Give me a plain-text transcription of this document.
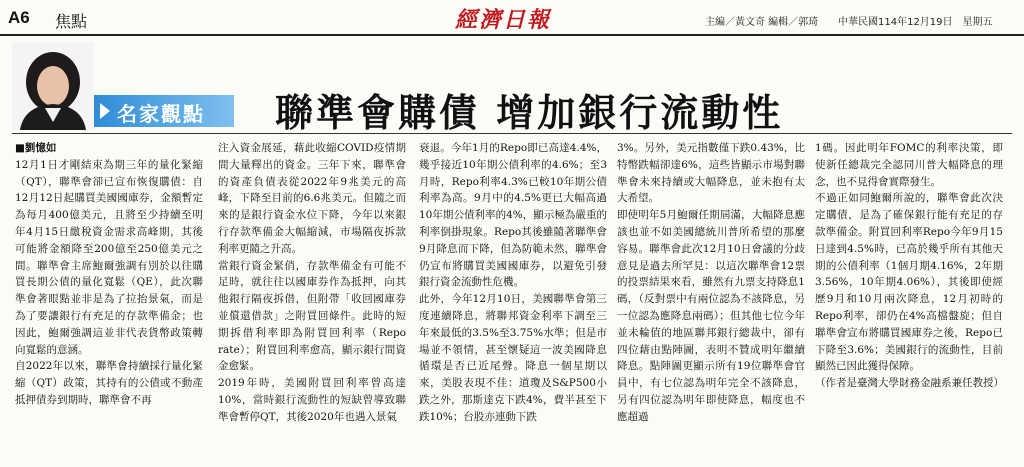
A6 焦點	經濟日報	主編／黃文奇 編輯／郭琦 中華民國114年12月19日　星期五
名家觀點 聯準會購債 增加銀行流動性

■劉憶如

12月1日才剛結束為期三年的量化緊縮（QT），聯準會卻已宣布恢復購債：自12月12日起購買美國國庫券，金額暫定為每月400億美元，且將至少持續至明年4月15日繳稅資金需求高峰期，其後可能將金額降至200億至250億美元之間。聯準會主席鮑爾強調有別於以往購買長期公債的量化寬鬆（QE），此次聯準會著眼點並非是為了拉抬景氣，而是為了要讓銀行有充足的存款準備金；也因此，鮑爾強調這並非代表貨幣政策轉向寬鬆的意涵。

自2022年以來，聯準會持續採行量化緊縮（QT）政策，其持有的公債或不動產抵押債券到期時，聯準會不再

注入資金展延，藉此收縮COVID疫情期間大量釋出的資金。三年下來，聯準會的資產負債表從2022年9兆美元的高峰，下降至目前的6.6兆美元。但隨之而來的是銀行資金水位下降，今年以來銀行存款準備金大幅縮減，市場隔夜拆款利率更隨之升高。

當銀行資金緊俏，存款準備金有可能不足時，就往往以國庫券作為抵押，向其他銀行隔夜拆借，但附帶「收回國庫券並償還借款」之附買回條件。此時的短期拆借利率即為附買回利率（Repo rate）；附買回利率愈高，顯示銀行間資金愈緊。

2019年時，美國附買回利率曾高達10%，當時銀行流動性的短缺曾導致聯準會暫停QT，其後2020年也遇入景氣

衰退。今年1月的Repo即已高達4.4%，幾乎接近10年期公債利率的4.6%；至3月時，Repo利率4.3%已較10年期公債利率為高。9月中的4.5%更已大幅高過10年期公債利率的4%，顯示極為嚴重的利率倒掛現象。Repo其後雖隨著聯準會9月降息而下降，但為防範未然，聯準會仍宣布將購買美國國庫券，以避免引發銀行資金流動性危機。

此外，今年12月10日，美國聯準會第三度連續降息，將聯邦資金利率下調至三年來最低的3.5%至3.75%水準；但是市場並不領情，甚至懷疑這一波美國降息循環是否已近尾聲。降息一個星期以來，美股表現不佳：道瓊及S&P500小跌之外，那斯達克下跌4%，費半甚至下跌10%；台股亦連動下跌

3%。另外，美元指數僅下跌0.43%，比特幣跌幅卻達6%，這些皆顯示市場對聯準會未來持續或大幅降息，並未抱有太大希望。

即使明年5月鮑爾任期屆滿，大幅降息應該也並不如美國總統川普所希望的那麼容易。聯準會此次12月10日會議的分歧意見是過去所罕見：以這次聯準會12票的投票結果來看，雖然有九票支持降息1碼，（反對票中有兩位認為不該降息，另一位認為應降息兩碼）；但其他七位今年並未輪值的地區聯邦銀行總裁中，卻有四位藉由點陣圖，表明不贊成明年繼續降息。點陣圖更顯示所有19位聯準會官員中，有七位認為明年完全不該降息，另有四位認為明年即使降息，幅度也不應超過

1碼。因此明年FOMC的利率決策，即使新任總裁完全認同川普大幅降息的理念，也不見得會實際發生。

不過正如同鮑爾所說的，聯準會此次決定購債，是為了確保銀行能有充足的存款準備金。附買回利率Repo今年9月15日達到4.5%時，已高於幾乎所有其他天期的公債利率（1個月期4.16%，2年期3.56%，10年期4.06%），其後即使經歷9月和10月兩次降息，12月初時的Repo利率，卻仍在4%高檔盤旋；但自聯準會宣布將購買國庫券之後，Repo已下降至3.6%；美國銀行的流動性，目前顯然已因此獲得保障。

（作者是臺灣大學財務金融系兼任教授）
